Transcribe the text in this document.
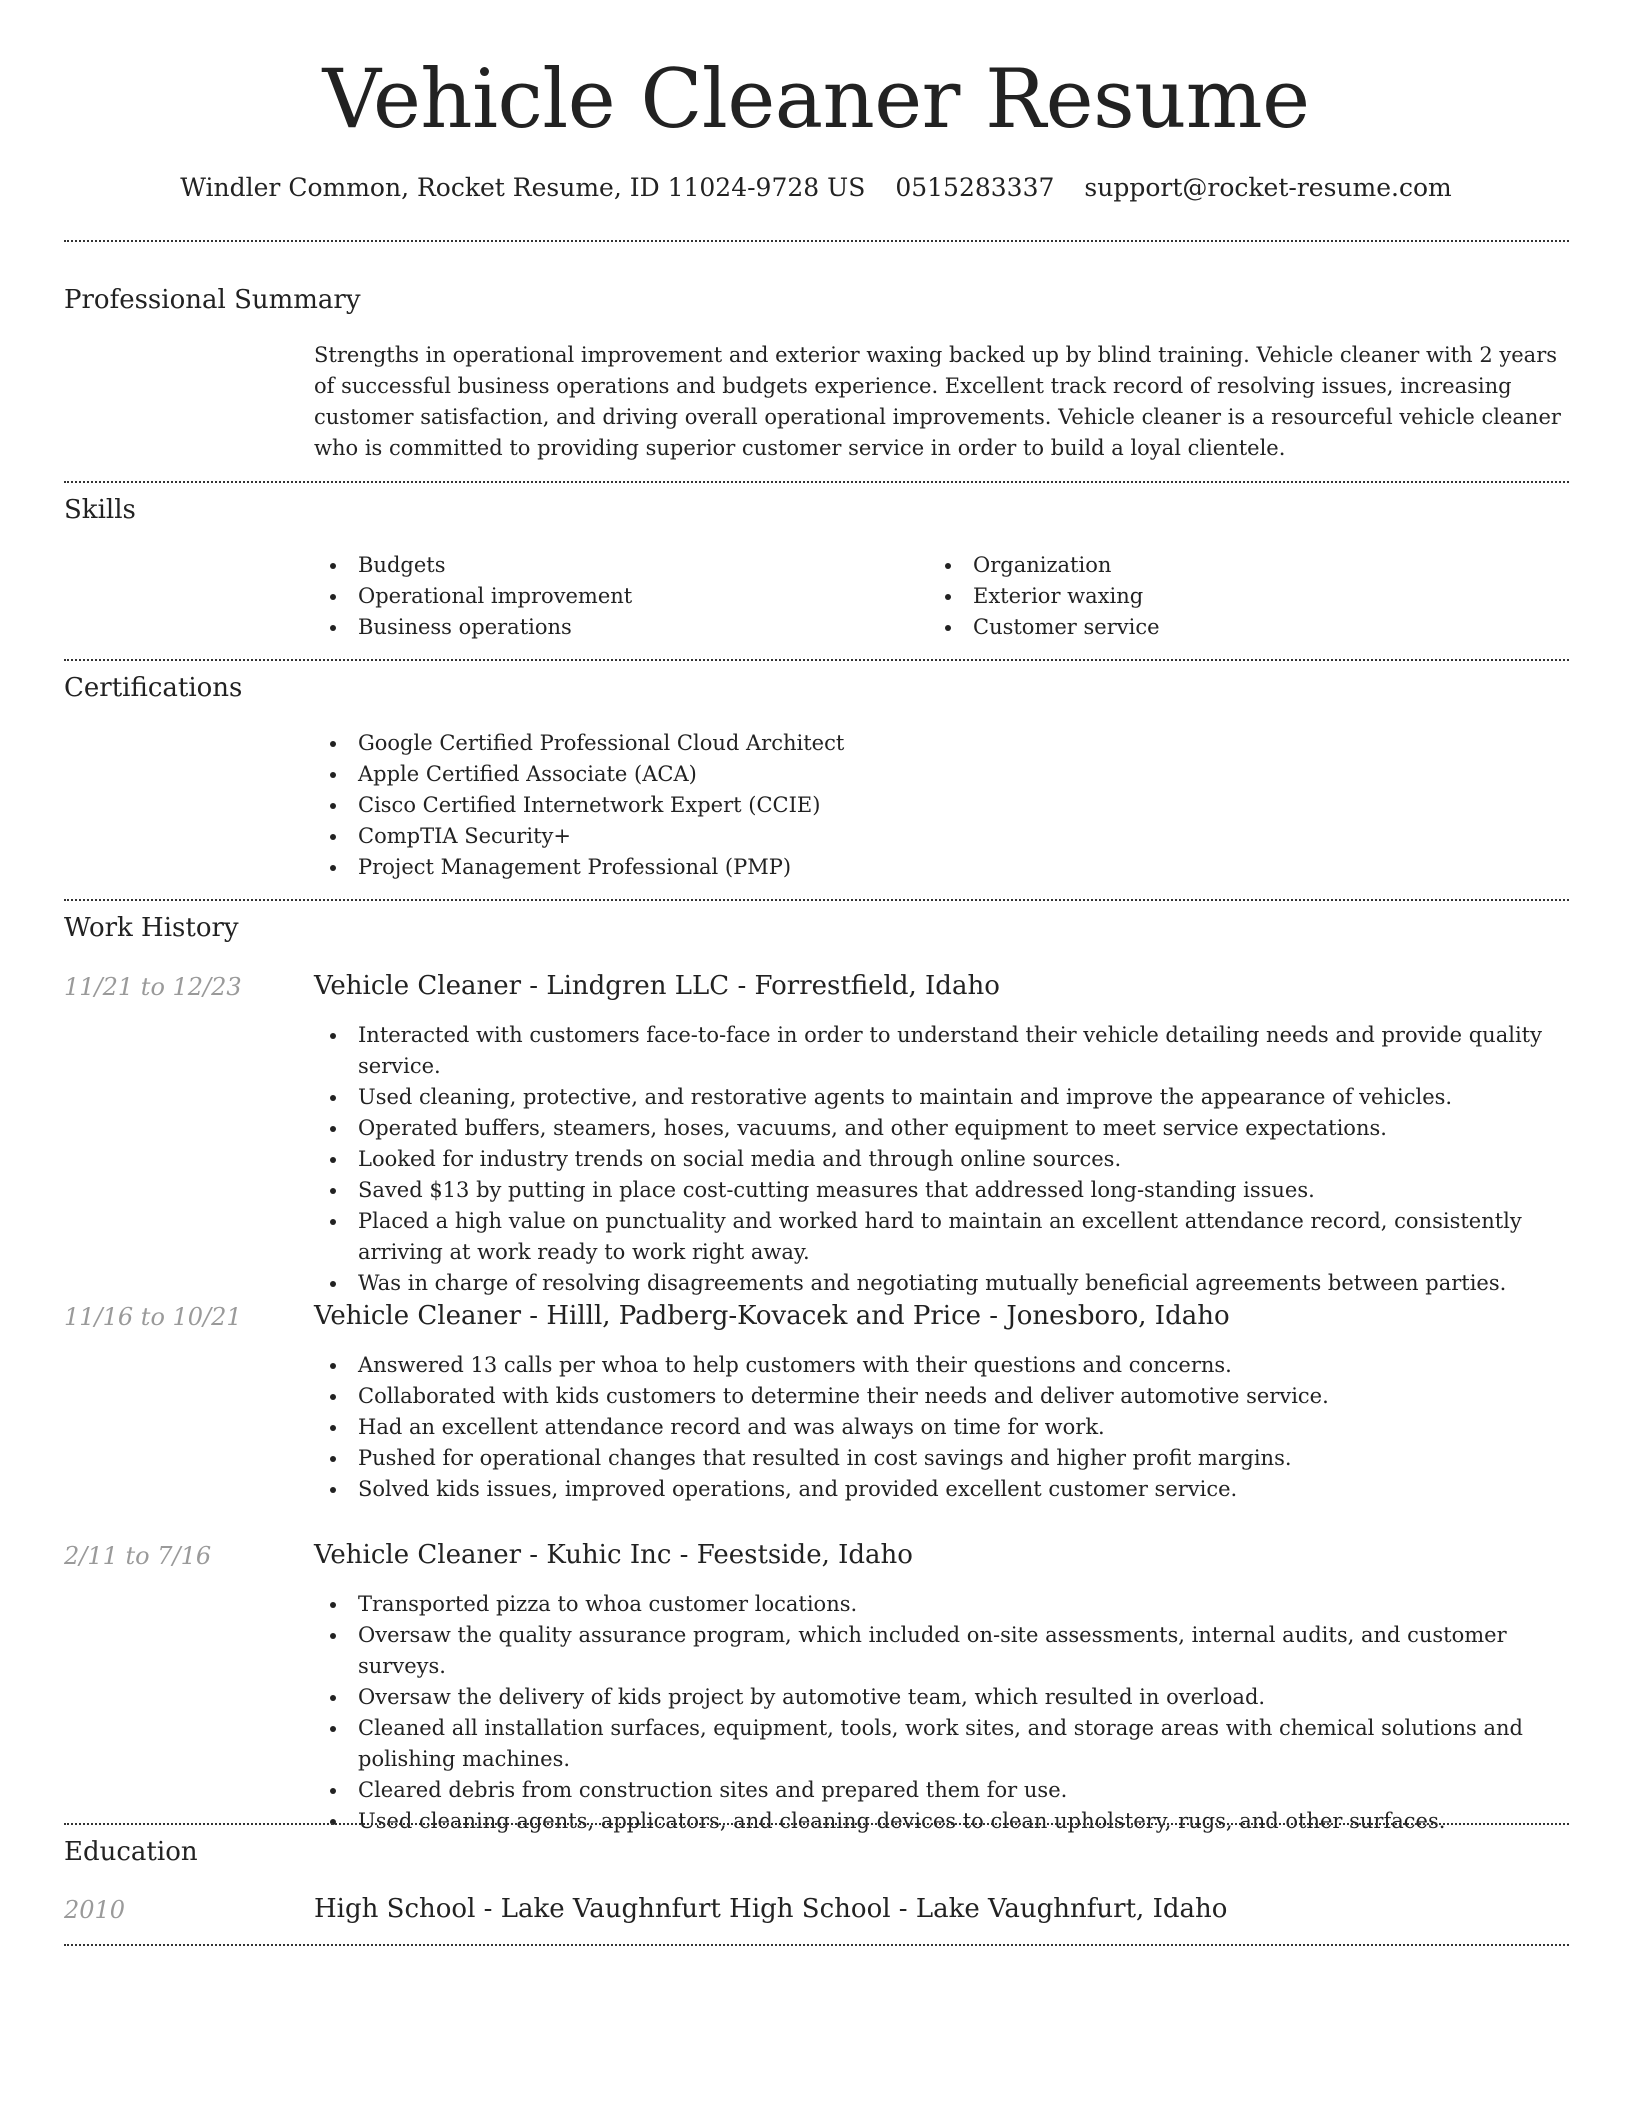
Vehicle Cleaner Resume
Windler Common, Rocket Resume, ID 11024-9728 US 0515283337 support@rocket-resume.com
Professional Summary

Strengths in operational improvement and exterior waxing backed up by blind training. Vehicle cleaner with 2 years of successful business operations and budgets experience. Excellent track record of resolving issues, increasing customer satisfaction, and driving overall operational improvements. Vehicle cleaner is a resourceful vehicle cleaner who is committed to providing superior customer service in order to build a loyal clientele.

Skills
Budgets
Operational improvement
Business operations
Organization
Exterior waxing
Customer service
Certifications
Google Certified Professional Cloud Architect
Apple Certified Associate (ACA)
Cisco Certified Internetwork Expert (CCIE)
CompTIA Security+
Project Management Professional (PMP)
Work History
11/21 to 12/23	Vehicle Cleaner - Lindgren LLC - Forrestfield, Idaho
Interacted with customers face-to-face in order to understand their vehicle detailing needs and provide quality service.
Used cleaning, protective, and restorative agents to maintain and improve the appearance of vehicles.
Operated buffers, steamers, hoses, vacuums, and other equipment to meet service expectations.
Looked for industry trends on social media and through online sources.
Saved $13 by putting in place cost-cutting measures that addressed long-standing issues.
Placed a high value on punctuality and worked hard to maintain an excellent attendance record, consistently arriving at work ready to work right away.
Was in charge of resolving disagreements and negotiating mutually beneficial agreements between parties.
11/16 to 10/21	Vehicle Cleaner - Hilll, Padberg-Kovacek and Price - Jonesboro, Idaho
Answered 13 calls per whoa to help customers with their questions and concerns.
Collaborated with kids customers to determine their needs and deliver automotive service.
Had an excellent attendance record and was always on time for work.
Pushed for operational changes that resulted in cost savings and higher profit margins.
Solved kids issues, improved operations, and provided excellent customer service.
2/11 to 7/16	Vehicle Cleaner - Kuhic Inc - Feestside, Idaho
Transported pizza to whoa customer locations.
Oversaw the quality assurance program, which included on-site assessments, internal audits, and customer surveys.
Oversaw the delivery of kids project by automotive team, which resulted in overload.
Cleaned all installation surfaces, equipment, tools, work sites, and storage areas with chemical solutions and polishing machines.
Cleared debris from construction sites and prepared them for use.
Used cleaning agents, applicators, and cleaning devices to clean upholstery, rugs, and other surfaces.
Education
2010	High School - Lake Vaughnfurt High School - Lake Vaughnfurt, Idaho
